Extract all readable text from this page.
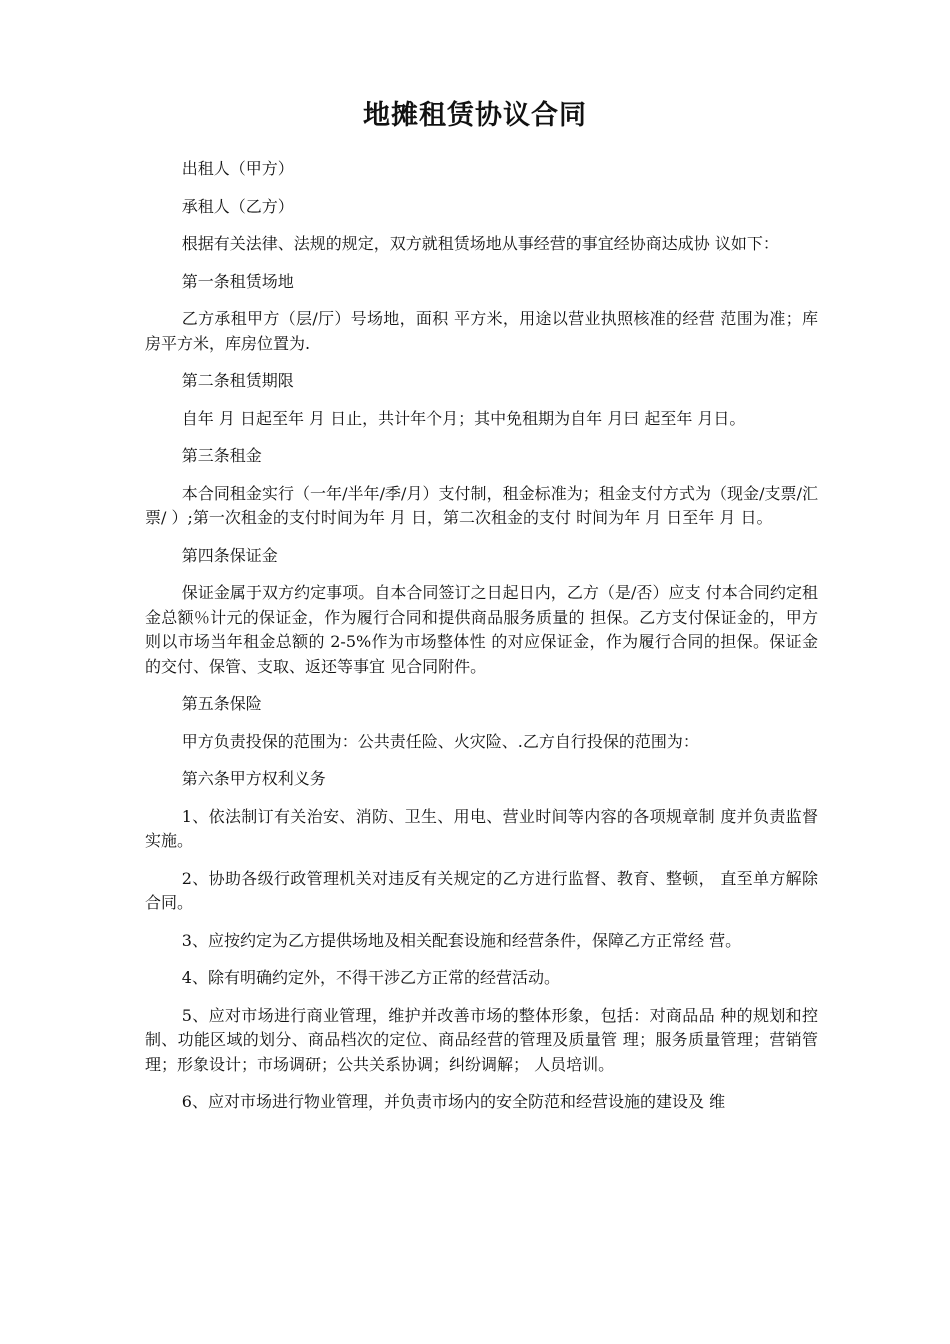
地摊租赁协议合同

出租人（甲方）

承租人（乙方）

根据有关法律、法规的规定，双方就租赁场地从事经营的事宜经协商达成协 议如下：

第一条租赁场地

乙方承租甲方（层/厅）号场地，面积 平方米，用途以营业执照核准的经营 范围为准；库房平方米，库房位置为.

第二条租赁期限

自年 月 日起至年 月 日止，共计年个月；其中免租期为自年 月曰 起至年 月日。

第三条租金

本合同租金实行（一年/半年/季/月）支付制，租金标准为；租金支付方式为（现金/支票/汇票/ ）;第一次租金的支付时间为年 月 日，第二次租金的支付 时间为年 月 日至年 月 日。

第四条保证金

保证金属于双方约定事项。自本合同签订之日起日内，乙方（是/否）应支 付本合同约定租金总额％计元的保证金，作为履行合同和提供商品服务质量的 担保。乙方支付保证金的，甲方则以市场当年租金总额的 2-5%作为市场整体性 的对应保证金，作为履行合同的担保。保证金的交付、保管、支取、返还等事宜 见合同附件。

第五条保险

甲方负责投保的范围为：公共责任险、火灾险、.乙方自行投保的范围为：

第六条甲方权利义务

1、依法制订有关治安、消防、卫生、用电、营业时间等内容的各项规章制 度并负责监督实施。

2、协助各级行政管理机关对违反有关规定的乙方进行监督、教育、整顿， 直至单方解除合同。

3、应按约定为乙方提供场地及相关配套设施和经营条件，保障乙方正常经 营。

4、除有明确约定外，不得干涉乙方正常的经营活动。

5、应对市场进行商业管理，维护并改善市场的整体形象，包括：对商品品 种的规划和控制、功能区域的划分、商品档次的定位、商品经营的管理及质量管 理；服务质量管理；营销管理；形象设计；市场调研；公共关系协调；纠纷调解； 人员培训。

6、应对市场进行物业管理，并负责市场内的安全防范和经营设施的建设及 维
